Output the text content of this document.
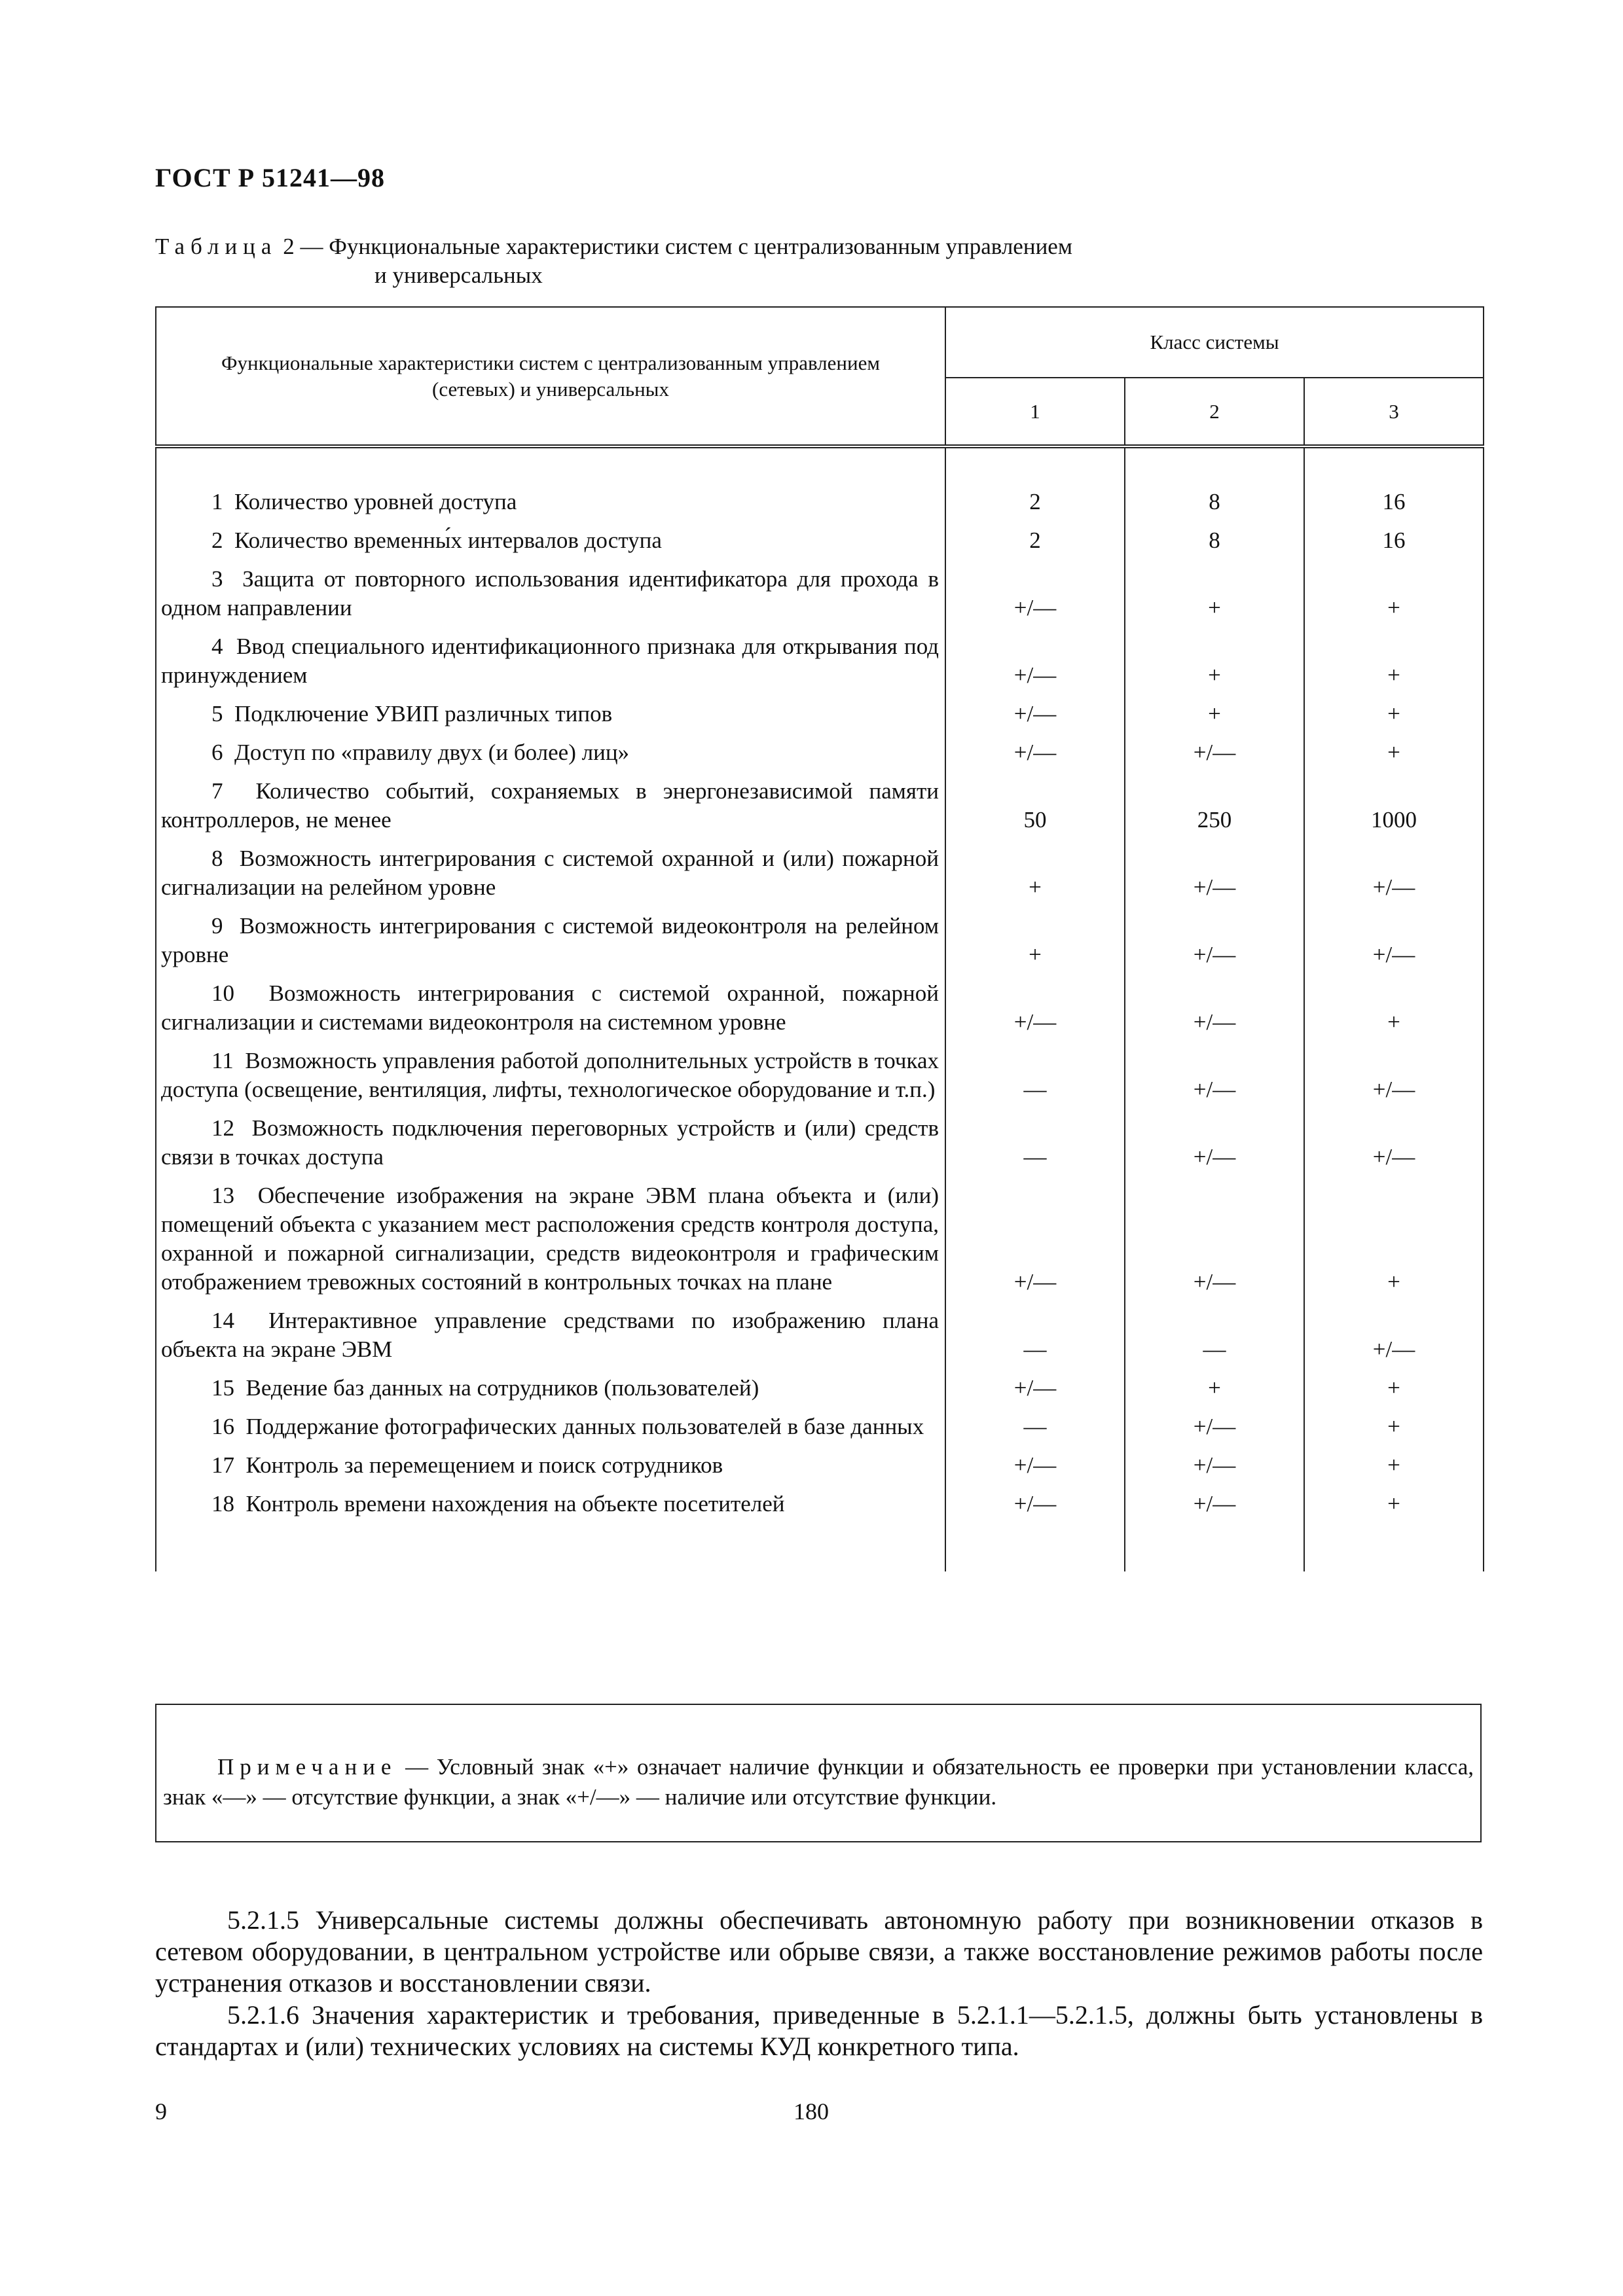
ГОСТ Р 51241—98
Таблица 2 — Функциональные характеристики систем с централизованным управлением
и универсальных
Функциональные характеристики систем с централизованным управлением (сетевых) и универсальных	Класс системы		
	1	2	3

1 Количество уровней доступа	2	8	16
2 Количество временны́х интервалов доступа	2	8	16
3 Защита от повторного использования идентификатора для прохода в одном направлении	+/—	+	+
4 Ввод специального идентификационного признака для открывания под принуждением	+/—	+	+
5 Подключение УВИП различных типов	+/—	+	+
6 Доступ по «правилу двух (и более) лиц»	+/—	+/—	+
7 Количество событий, сохраняемых в энергонезависимой памяти контроллеров, не менее	50	250	1000
8 Возможность интегрирования с системой охранной и (или) пожарной сигнализации на релейном уровне	+	+/—	+/—
9 Возможность интегрирования с системой видеоконтроля на релейном уровне	+	+/—	+/—
10 Возможность интегрирования с системой охранной, пожарной сигнализации и системами видеоконтроля на системном уровне	+/—	+/—	+
11 Возможность управления работой дополнительных устройств в точках доступа (освещение, вентиляция, лифты, технологическое оборудование и т.п.)	—	+/—	+/—
12 Возможность подключения переговорных устройств и (или) средств связи в точках доступа	—	+/—	+/—
13 Обеспечение изображения на экране ЭВМ плана объекта и (или) помещений объекта с указанием мест расположения средств контроля доступа, охранной и пожарной сигнализации, средств видеоконтроля и графическим отображением тревожных состояний в контрольных точках на плане	+/—	+/—	+
14 Интерактивное управление средствами по изображению плана объекта на экране ЭВМ	—	—	+/—
15 Ведение баз данных на сотрудников (пользователей)	+/—	+	+
16 Поддержание фотографических данных пользователей в базе данных	—	+/—	+
17 Контроль за перемещением и поиск сотрудников	+/—	+/—	+
18 Контроль времени нахождения на объекте посетителей	+/—	+/—	+

Примечание — Условный знак «+» означает наличие функции и обязательность ее проверки при установлении класса, знак «—» — отсутствие функции, а знак «+/—» — наличие или отсутствие функции.
5.2.1.5 Универсальные системы должны обеспечивать автономную работу при возникновении отказов в сетевом оборудовании, в центральном устройстве или обрыве связи, а также восстановление режимов работы после устранения отказов и восстановлении связи.
5.2.1.6 Значения характеристик и требования, приведенные в 5.2.1.1—5.2.1.5, должны быть установлены в стандартах и (или) технических условиях на системы КУД конкретного типа.
9	180
